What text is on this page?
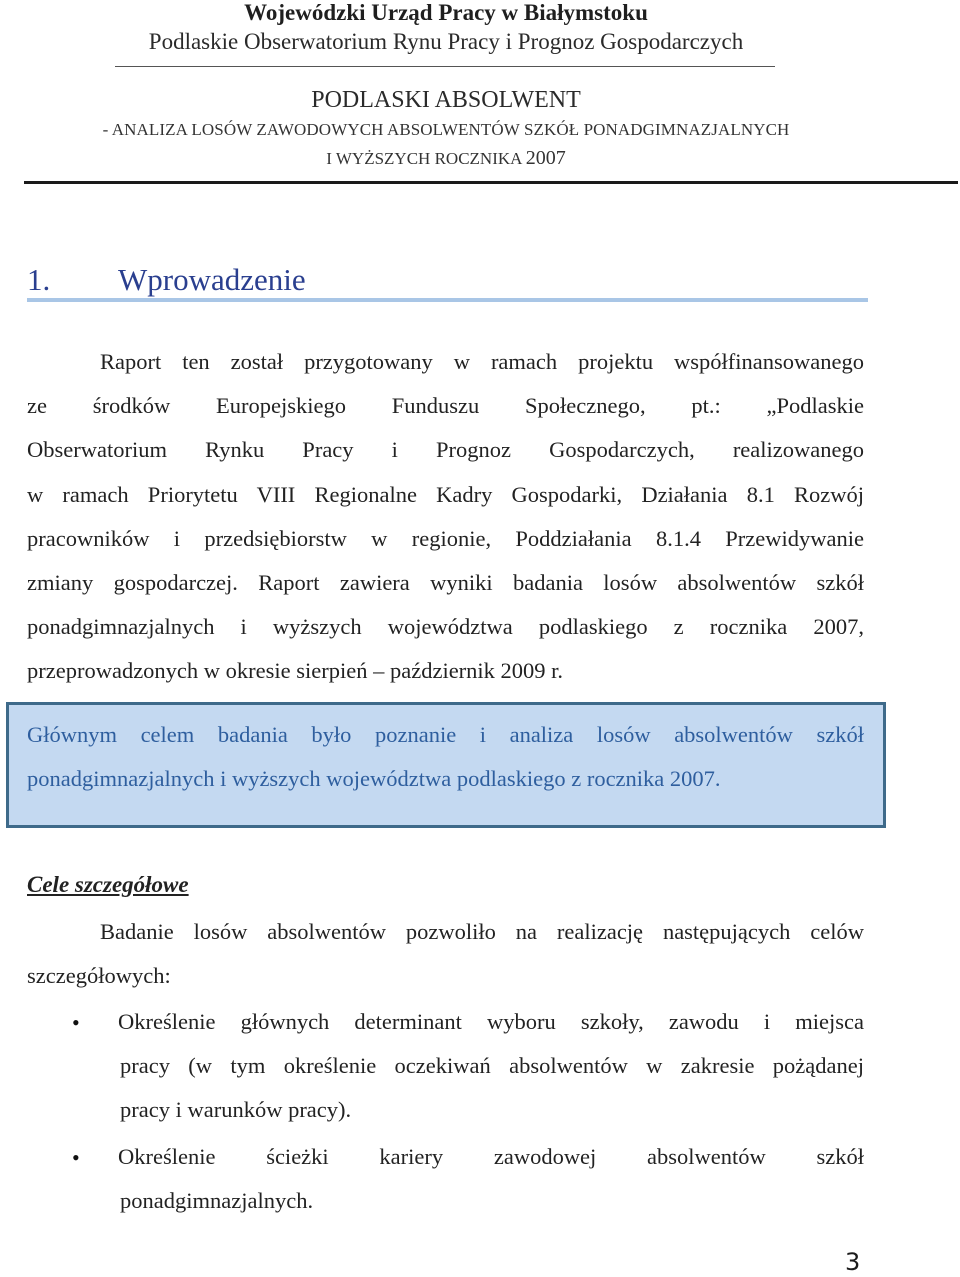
Wojewódzki Urząd Pracy w Białymstoku
Podlaskie Obserwatorium Rynu Pracy i Prognoz Gospodarczych
PODLASKI ABSOLWENT
- ANALIZA LOSÓW ZAWODOWYCH ABSOLWENTÓW SZKÓŁ PONADGIMNAZJALNYCH
I WYŻSZYCH ROCZNIKA 2007
1. Wprowadzenie
Raport ten został przygotowany w ramach projektu współfinansowanego
ze środków Europejskiego Funduszu Społecznego, pt.: „Podlaskie
Obserwatorium Rynku Pracy i Prognoz Gospodarczych, realizowanego
w ramach Priorytetu VIII Regionalne Kadry Gospodarki, Działania 8.1 Rozwój
pracowników i przedsiębiorstw w regionie, Poddziałania 8.1.4 Przewidywanie
zmiany gospodarczej. Raport zawiera wyniki badania losów absolwentów szkół
ponadgimnazjalnych i wyższych województwa podlaskiego z rocznika 2007,
przeprowadzonych w okresie sierpień – październik 2009 r.
Głównym celem badania było poznanie i analiza losów absolwentów szkół
ponadgimnazjalnych i wyższych województwa podlaskiego z rocznika 2007.
Cele szczegółowe
Badanie losów absolwentów pozwoliło na realizację następujących celów
szczegółowych:
• Określenie głównych determinant wyboru szkoły, zawodu i miejsca
pracy (w tym określenie oczekiwań absolwentów w zakresie pożądanej
pracy i warunków pracy).
• Określenie ścieżki kariery zawodowej absolwentów szkół
ponadgimnazjalnych.
3
